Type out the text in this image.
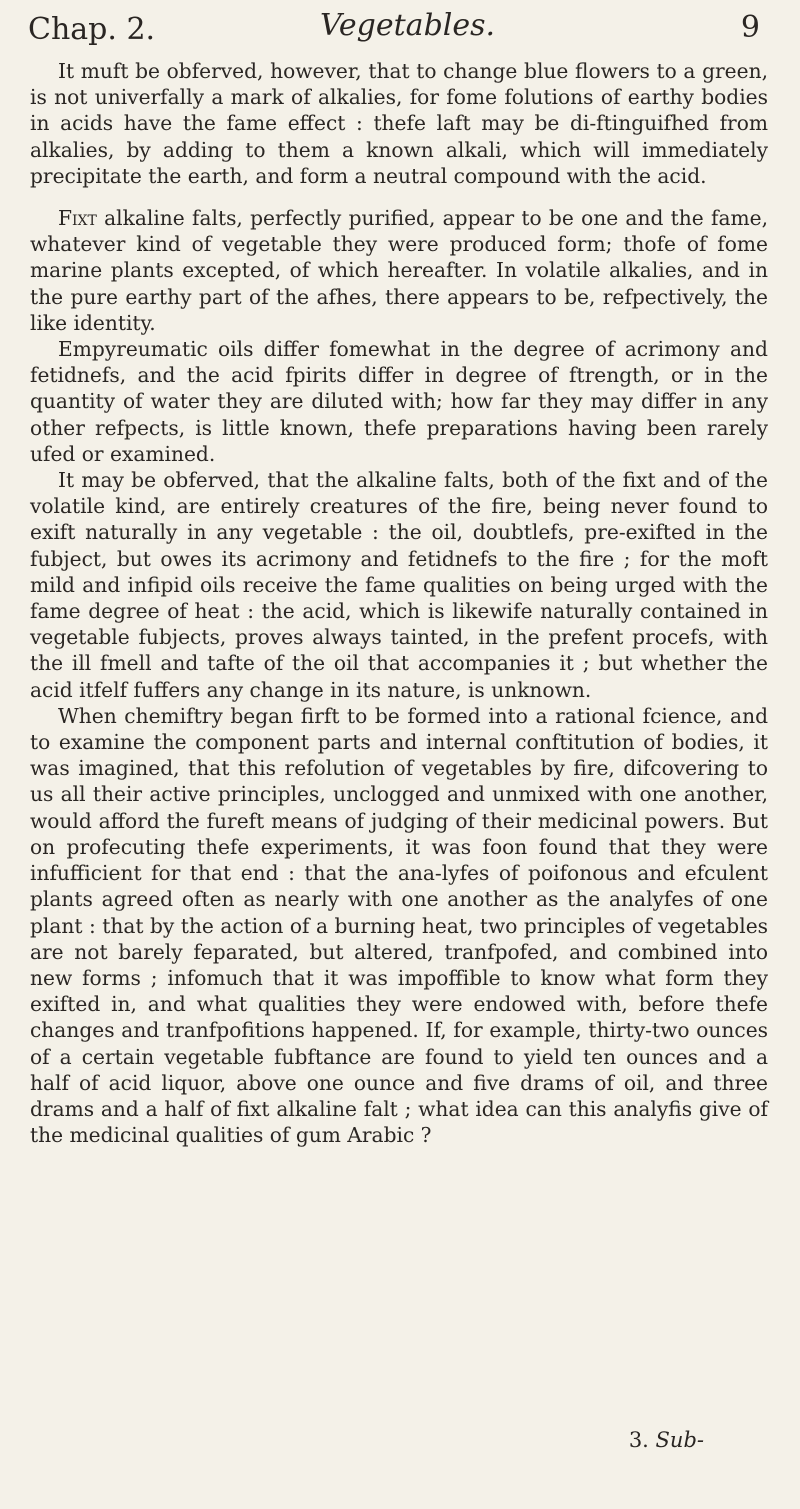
Chap. 2.	Vegetables.	9

It muft be obferved, however, that to change blue flowers to a green, is not univerfally a mark of alkalies, for fome folutions of earthy bodies in acids have the fame effect : thefe laft may be di-ftinguifhed from alkalies, by adding to them a known alkali, which will immediately precipitate the earth, and form a neutral compound with the acid.

Fixt alkaline falts, perfectly purified, appear to be one and the fame, whatever kind of vegetable they were produced form; thofe of fome marine plants excepted, of which hereafter. In volatile alkalies, and in the pure earthy part of the afhes, there appears to be, refpectively, the like identity.

Empyreumatic oils differ fomewhat in the degree of acrimony and fetidnefs, and the acid fpirits differ in degree of ftrength, or in the quantity of water they are diluted with; how far they may differ in any other refpects, is little known, thefe preparations having been rarely ufed or examined.

It may be obferved, that the alkaline falts, both of the fixt and of the volatile kind, are entirely creatures of the fire, being never found to exift naturally in any vegetable : the oil, doubtlefs, pre-exifted in the fubject, but owes its acrimony and fetidnefs to the fire ; for the moft mild and infipid oils receive the fame qualities on being urged with the fame degree of heat : the acid, which is likewife naturally contained in vegetable fubjects, proves always tainted, in the prefent procefs, with the ill fmell and tafte of the oil that accompanies it ; but whether the acid itfelf fuffers any change in its nature, is unknown.

When chemiftry began firft to be formed into a rational fcience, and to examine the component parts and internal conftitution of bodies, it was imagined, that this refolution of vegetables by fire, difcovering to us all their active principles, unclogged and unmixed with one another, would afford the fureft means of judging of their medicinal powers. But on profecuting thefe experiments, it was foon found that they were infufficient for that end : that the ana-lyfes of poifonous and efculent plants agreed often as nearly with one another as the analyfes of one plant : that by the action of a burning heat, two principles of vegetables are not barely feparated, but altered, tranfpofed, and combined into new forms ; infomuch that it was impoffible to know what form they exifted in, and what qualities they were endowed with, before thefe changes and tranfpofitions happened. If, for example, thirty-two ounces of a certain vegetable fubftance are found to yield ten ounces and a half of acid liquor, above one ounce and five drams of oil, and three drams and a half of fixt alkaline falt ; what idea can this analyfis give of the medicinal qualities of gum Arabic ?

3. Sub-
